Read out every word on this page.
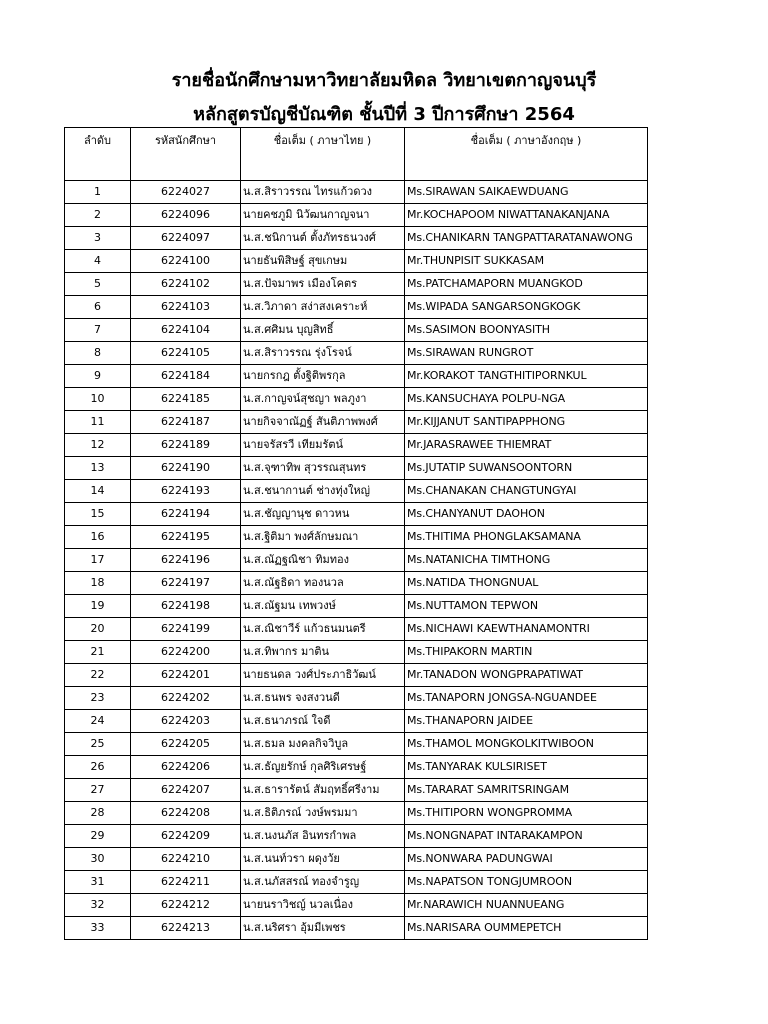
รายชื่อนักศึกษามหาวิทยาลัยมหิดล วิทยาเขตกาญจนบุรี
หลักสูตรบัญชีบัณฑิต ชั้นปีที่ 3 ปีการศึกษา 2564
ลำดับ	รหัสนักศึกษา	ชื่อเต็ม ( ภาษาไทย )	ชื่อเต็ม ( ภาษาอังกฤษ )
1	6224027	น.ส.สิราวรรณ ไทรแก้วดวง	Ms.SIRAWAN SAIKAEWDUANG
2	6224096	นายคชภูมิ นิวัฒนกาญจนา	Mr.KOCHAPOOM NIWATTANAKANJANA
3	6224097	น.ส.ชนิกานต์ ตั้งภัทรธนวงศ์	Ms.CHANIKARN TANGPATTARATANAWONG
4	6224100	นายธันพิสิษฐ์ สุขเกษม	Mr.THUNPISIT SUKKASAM
5	6224102	น.ส.ปัจมาพร เมืองโคตร	Ms.PATCHAMAPORN MUANGKOD
6	6224103	น.ส.วิภาดา สง่าสงเคราะห์	Ms.WIPADA SANGARSONGKOGK
7	6224104	น.ส.ศศิมน บุญสิทธิ์	Ms.SASIMON BOONYASITH
8	6224105	น.ส.สิราวรรณ รุ่งโรจน์	Ms.SIRAWAN RUNGROT
9	6224184	นายกรกฎ ตั้งฐิติพรกุล	Mr.KORAKOT TANGTHITIPORNKUL
10	6224185	น.ส.กาญจน์สุชญา พลภูงา	Ms.KANSUCHAYA POLPU-NGA
11	6224187	นายกิจจาณัฏฐ์ สันติภาพพงศ์	Mr.KIJJANUT SANTIPAPPHONG
12	6224189	นายจรัสรวี เทียมรัตน์	Mr.JARASRAWEE THIEMRAT
13	6224190	น.ส.จุฑาทิพ สุวรรณสุนทร	Ms.JUTATIP SUWANSOONTORN
14	6224193	น.ส.ชนากานต์ ช่างทุ่งใหญ่	Ms.CHANAKAN CHANGTUNGYAI
15	6224194	น.ส.ชัญญานุช ดาวหน	Ms.CHANYANUT DAOHON
16	6224195	น.ส.ฐิติมา พงศ์ลักษมณา	Ms.THITIMA PHONGLAKSAMANA
17	6224196	น.ส.ณัฏฐณิชา ทิมทอง	Ms.NATANICHA TIMTHONG
18	6224197	น.ส.ณัฐธิดา ทองนวล	Ms.NATIDA THONGNUAL
19	6224198	น.ส.ณัฐมน เทพวงษ์	Ms.NUTTAMON TEPWON
20	6224199	น.ส.ณิชาวีร์ แก้วธนมนตรี	Ms.NICHAWI KAEWTHANAMONTRI
21	6224200	น.ส.ทิพากร มาติน	Ms.THIPAKORN MARTIN
22	6224201	นายธนดล วงศ์ประภาธิวัฒน์	Mr.TANADON WONGPRAPATIWAT
23	6224202	น.ส.ธนพร จงสงวนดี	Ms.TANAPORN JONGSA-NGUANDEE
24	6224203	น.ส.ธนาภรณ์ ใจดี	Ms.THANAPORN JAIDEE
25	6224205	น.ส.ธมล มงคลกิจวิบูล	Ms.THAMOL MONGKOLKITWIBOON
26	6224206	น.ส.ธัญยรักษ์ กุลศิริเศรษฐ์	Ms.TANYARAK KULSIRISET
27	6224207	น.ส.ธารารัตน์ สัมฤทธิ์ศรีงาม	Ms.TARARAT SAMRITSRINGAM
28	6224208	น.ส.ธิติภรณ์ วงษ์พรมมา	Ms.THITIPORN WONGPROMMA
29	6224209	น.ส.นงนภัส อินทรกำพล	Ms.NONGNAPAT INTARAKAMPON
30	6224210	น.ส.นนท์วรา ผดุงวัย	Ms.NONWARA PADUNGWAI
31	6224211	น.ส.นภัสสรณ์ ทองจำรูญ	Ms.NAPATSON TONGJUMROON
32	6224212	นายนราวิชญ์ นวลเนื่อง	Mr.NARAWICH NUANNUEANG
33	6224213	น.ส.นริศรา อุ้มมีเพชร	Ms.NARISARA OUMMEPETCH
